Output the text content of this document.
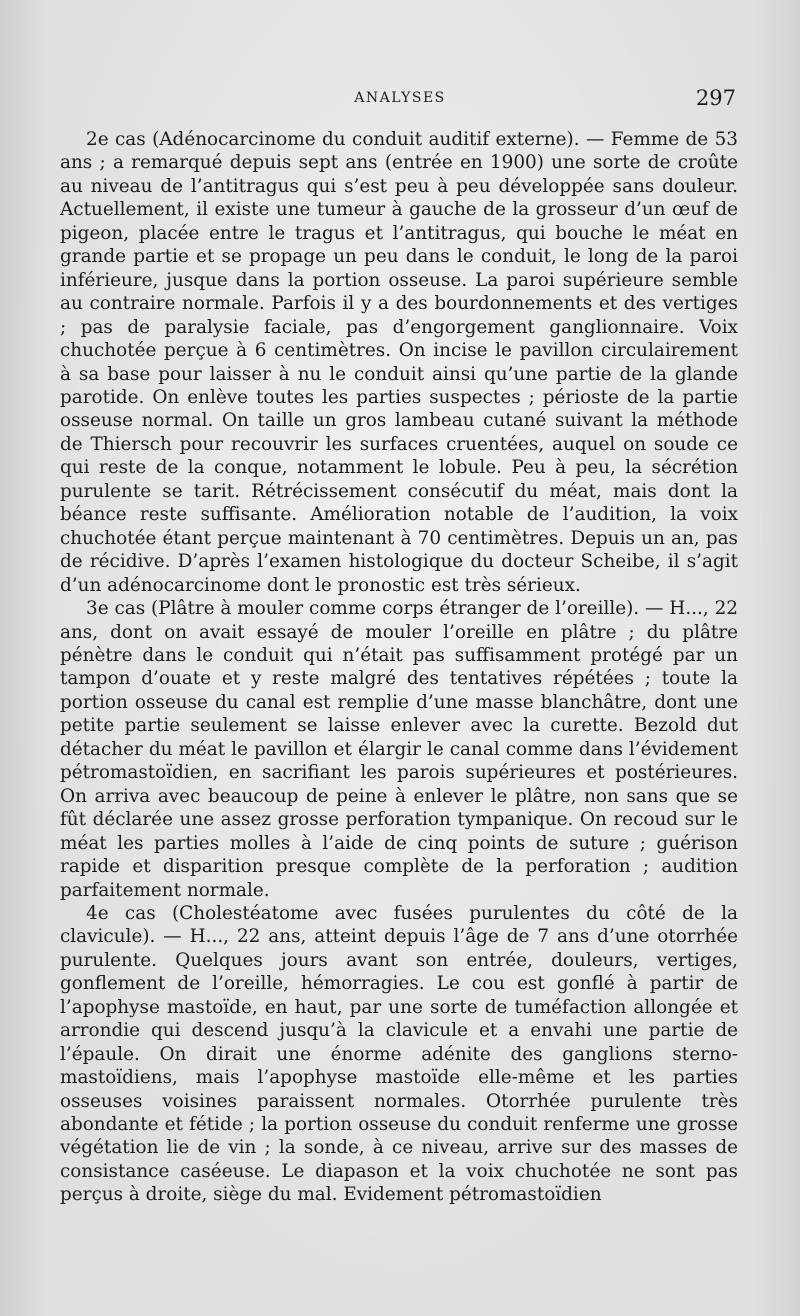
ANALYSES	297

2e cas (Adénocarcinome du conduit auditif externe). — Femme de 53 ans ; a remarqué depuis sept ans (entrée en 1900) une sorte de croûte au niveau de l’antitragus qui s’est peu à peu développée sans douleur. Actuellement, il existe une tumeur à gauche de la grosseur d’un œuf de pigeon, placée entre le tragus et l’antitragus, qui bouche le méat en grande partie et se propage un peu dans le conduit, le long de la paroi inférieure, jusque dans la portion osseuse. La paroi supérieure semble au contraire normale. Parfois il y a des bourdonnements et des vertiges ; pas de paralysie faciale, pas d’engorgement ganglionnaire. Voix chuchotée perçue à 6 centimètres. On incise le pavillon circulairement à sa base pour laisser à nu le conduit ainsi qu’une partie de la glande parotide. On enlève toutes les parties suspectes ; périoste de la partie osseuse normal. On taille un gros lambeau cutané suivant la méthode de Thiersch pour recouvrir les surfaces cruentées, auquel on soude ce qui reste de la conque, notamment le lobule. Peu à peu, la sécrétion purulente se tarit. Rétrécissement consécutif du méat, mais dont la béance reste suffisante. Amélioration notable de l’audition, la voix chuchotée étant perçue maintenant à 70 centimètres. Depuis un an, pas de récidive. D’après l’examen histologique du docteur Scheibe, il s’agit d’un adénocarcinome dont le pronostic est très sérieux.

3e cas (Plâtre à mouler comme corps étranger de l’oreille). — H..., 22 ans, dont on avait essayé de mouler l’oreille en plâtre ; du plâtre pénètre dans le conduit qui n’était pas suffisamment protégé par un tampon d’ouate et y reste malgré des tentatives répétées ; toute la portion osseuse du canal est remplie d’une masse blanchâtre, dont une petite partie seulement se laisse enlever avec la curette. Bezold dut détacher du méat le pavillon et élargir le canal comme dans l’évidement pétromastoïdien, en sacrifiant les parois supérieures et postérieures. On arriva avec beaucoup de peine à enlever le plâtre, non sans que se fût déclarée une assez grosse perforation tympanique. On recoud sur le méat les parties molles à l’aide de cinq points de suture ; guérison rapide et disparition presque complète de la perforation ; audition parfaitement normale.

4e cas (Cholestéatome avec fusées purulentes du côté de la clavicule). — H..., 22 ans, atteint depuis l’âge de 7 ans d’une otorrhée purulente. Quelques jours avant son entrée, douleurs, vertiges, gonflement de l’oreille, hémorragies. Le cou est gonflé à partir de l’apophyse mastoïde, en haut, par une sorte de tuméfaction allongée et arrondie qui descend jusqu’à la clavicule et a envahi une partie de l’épaule. On dirait une énorme adénite des ganglions sterno-mastoïdiens, mais l’apophyse mastoïde elle-même et les parties osseuses voisines paraissent normales. Otorrhée purulente très abondante et fétide ; la portion osseuse du conduit renferme une grosse végétation lie de vin ; la sonde, à ce niveau, arrive sur des masses de consistance caséeuse. Le diapason et la voix chuchotée ne sont pas perçus à droite, siège du mal. Evidement pétromastoïdien
